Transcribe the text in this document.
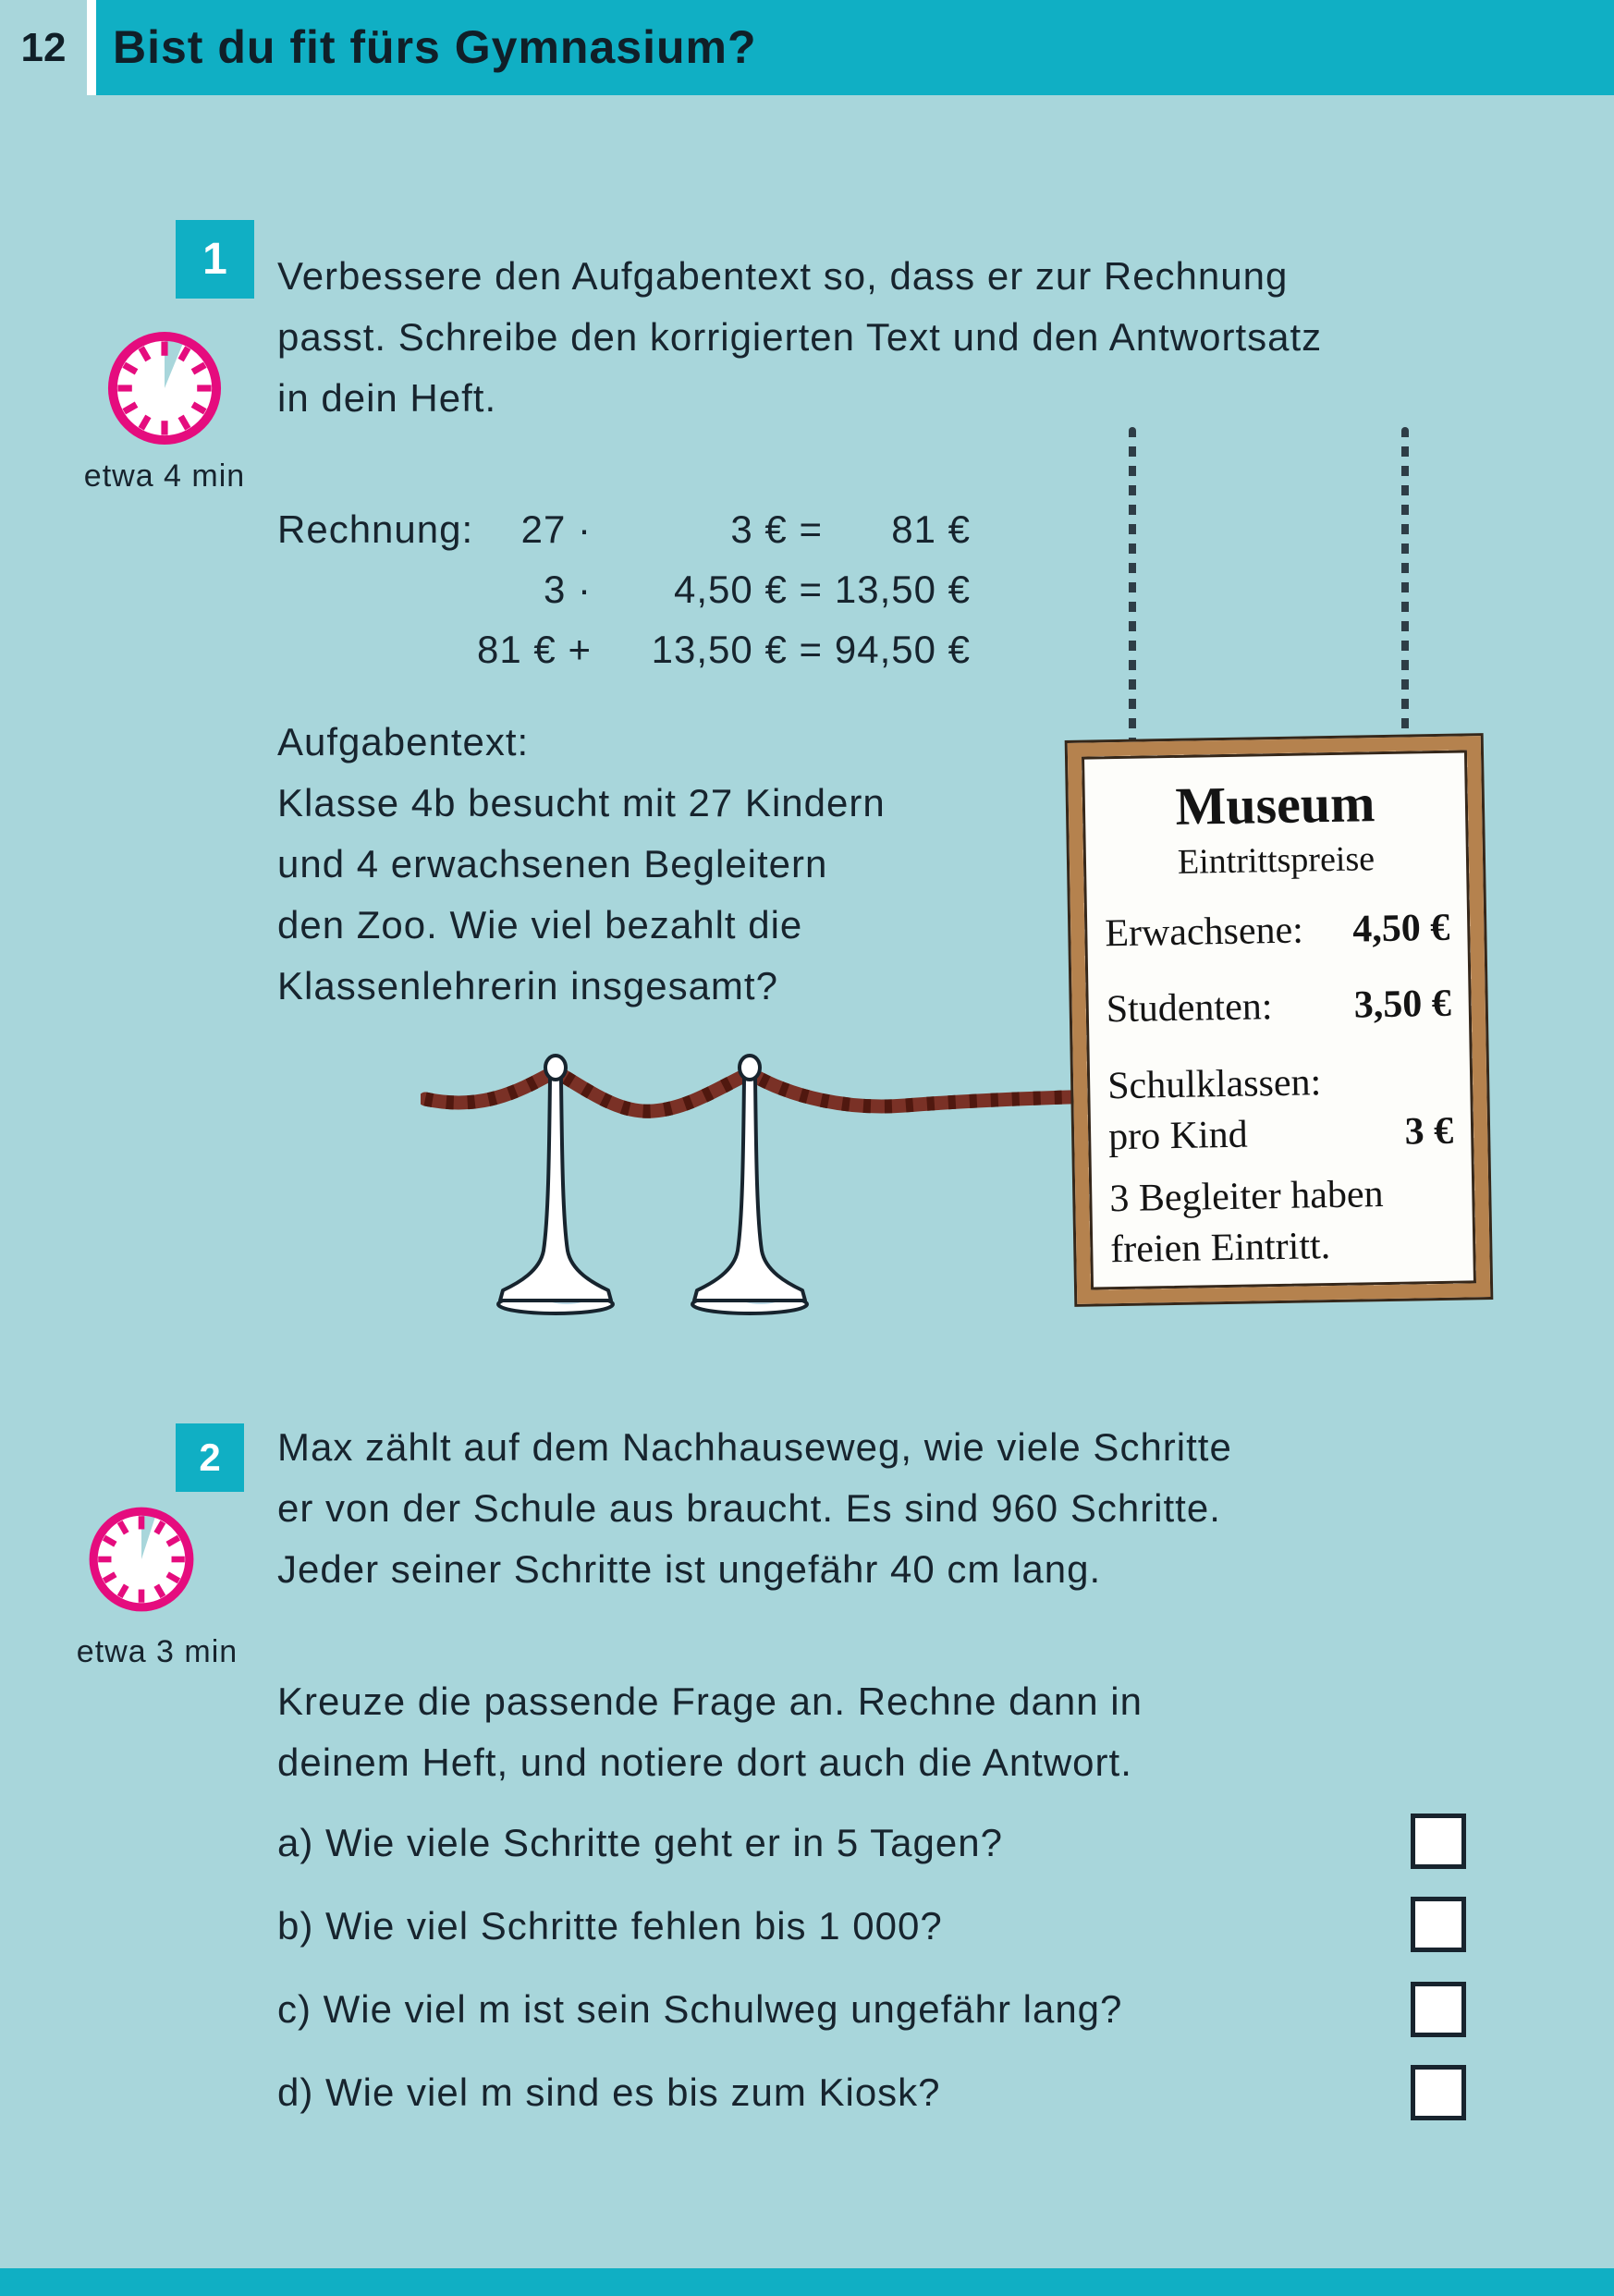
12	Bist du fit fürs Gymnasium?
1
etwa 4 min
Verbessere den Aufgabentext so, dass er zur Rechnung
passt. Schreibe den korrigierten Text und den Antwortsatz
in dein Heft.
Rechnung:	27 ·	3 € =	81 €
3 ·	4,50 € = 13,50 €
81 € +	13,50 € = 94,50 €
Aufgabentext:
Klasse 4b besucht mit 27 Kindern
und 4 erwachsenen Begleitern
den Zoo. Wie viel bezahlt die
Klassenlehrerin insgesamt?
Museum
Eintrittspreise
Erwachsene: 4,50 €
Studenten: 3,50 €
Schulklassen:
pro Kind	3 €
3 Begleiter haben
freien Eintritt.
2
etwa 3 min
Max zählt auf dem Nachhauseweg, wie viele Schritte
er von der Schule aus braucht. Es sind 960 Schritte.
Jeder seiner Schritte ist ungefähr 40 cm lang.
Kreuze die passende Frage an. Rechne dann in
deinem Heft, und notiere dort auch die Antwort.
a) Wie viele Schritte geht er in 5 Tagen?
b) Wie viel Schritte fehlen bis 1 000?
c) Wie viel m ist sein Schulweg ungefähr lang?
d) Wie viel m sind es bis zum Kiosk?
